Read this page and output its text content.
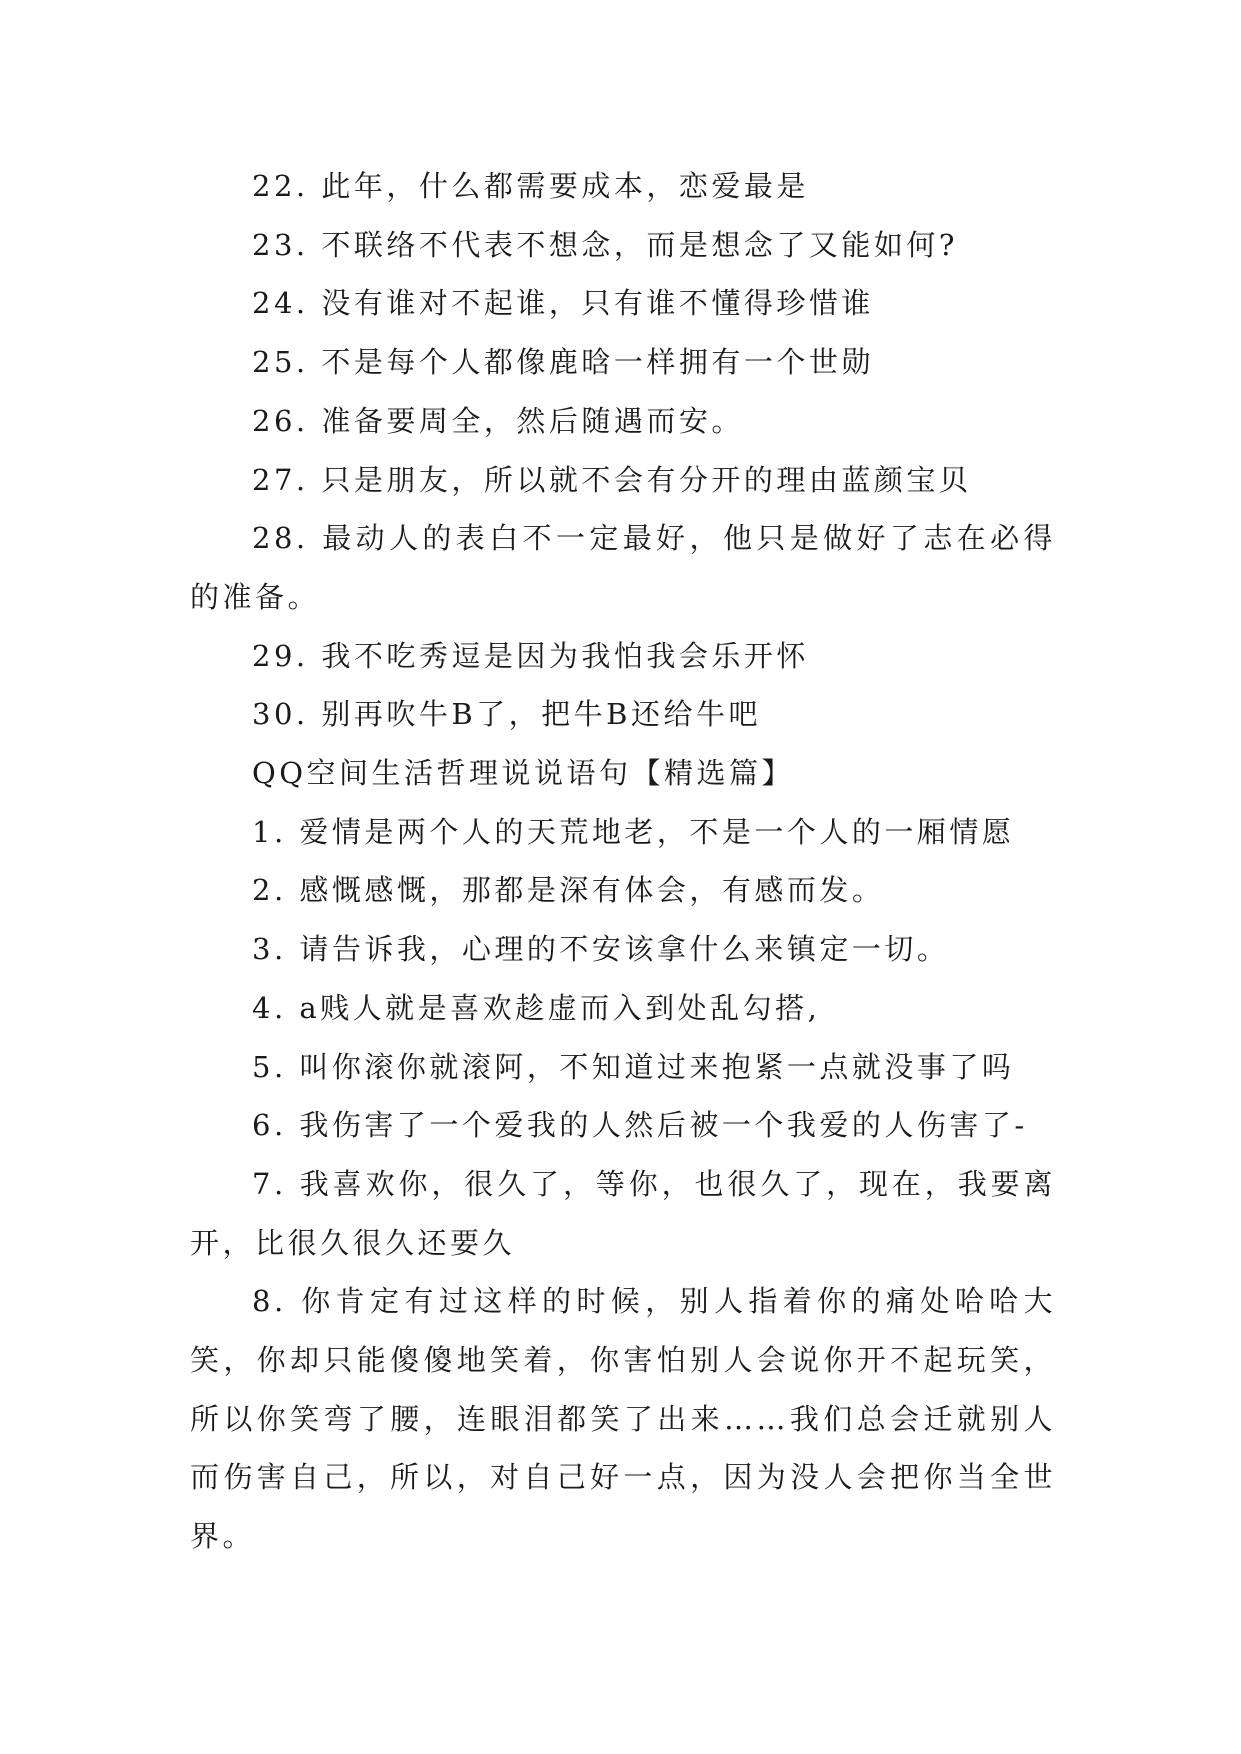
22. 此年，什么都需要成本，恋爱最是

23. 不联络不代表不想念，而是想念了又能如何?

24. 没有谁对不起谁，只有谁不懂得珍惜谁

25. 不是每个人都像鹿晗一样拥有一个世勋

26. 准备要周全，然后随遇而安。

27. 只是朋友，所以就不会有分开的理由蓝颜宝贝

28. 最动人的表白不一定最好，他只是做好了志在必得的准备。

29. 我不吃秀逗是因为我怕我会乐开怀

30. 别再吹牛B了，把牛B还给牛吧

QQ空间生活哲理说说语句【精选篇】

1. 爱情是两个人的天荒地老，不是一个人的一厢情愿

2. 感慨感慨，那都是深有体会，有感而发。

3. 请告诉我，心理的不安该拿什么来镇定一切。

4. a贱人就是喜欢趁虚而入到处乱勾搭,

5. 叫你滚你就滚阿，不知道过来抱紧一点就没事了吗

6. 我伤害了一个爱我的人然后被一个我爱的人伤害了-

7. 我喜欢你，很久了，等你，也很久了，现在，我要离开，比很久很久还要久

8. 你肯定有过这样的时候，别人指着你的痛处哈哈大笑，你却只能傻傻地笑着，你害怕别人会说你开不起玩笑，所以你笑弯了腰，连眼泪都笑了出来……我们总会迁就别人而伤害自己，所以，对自己好一点，因为没人会把你当全世界。
